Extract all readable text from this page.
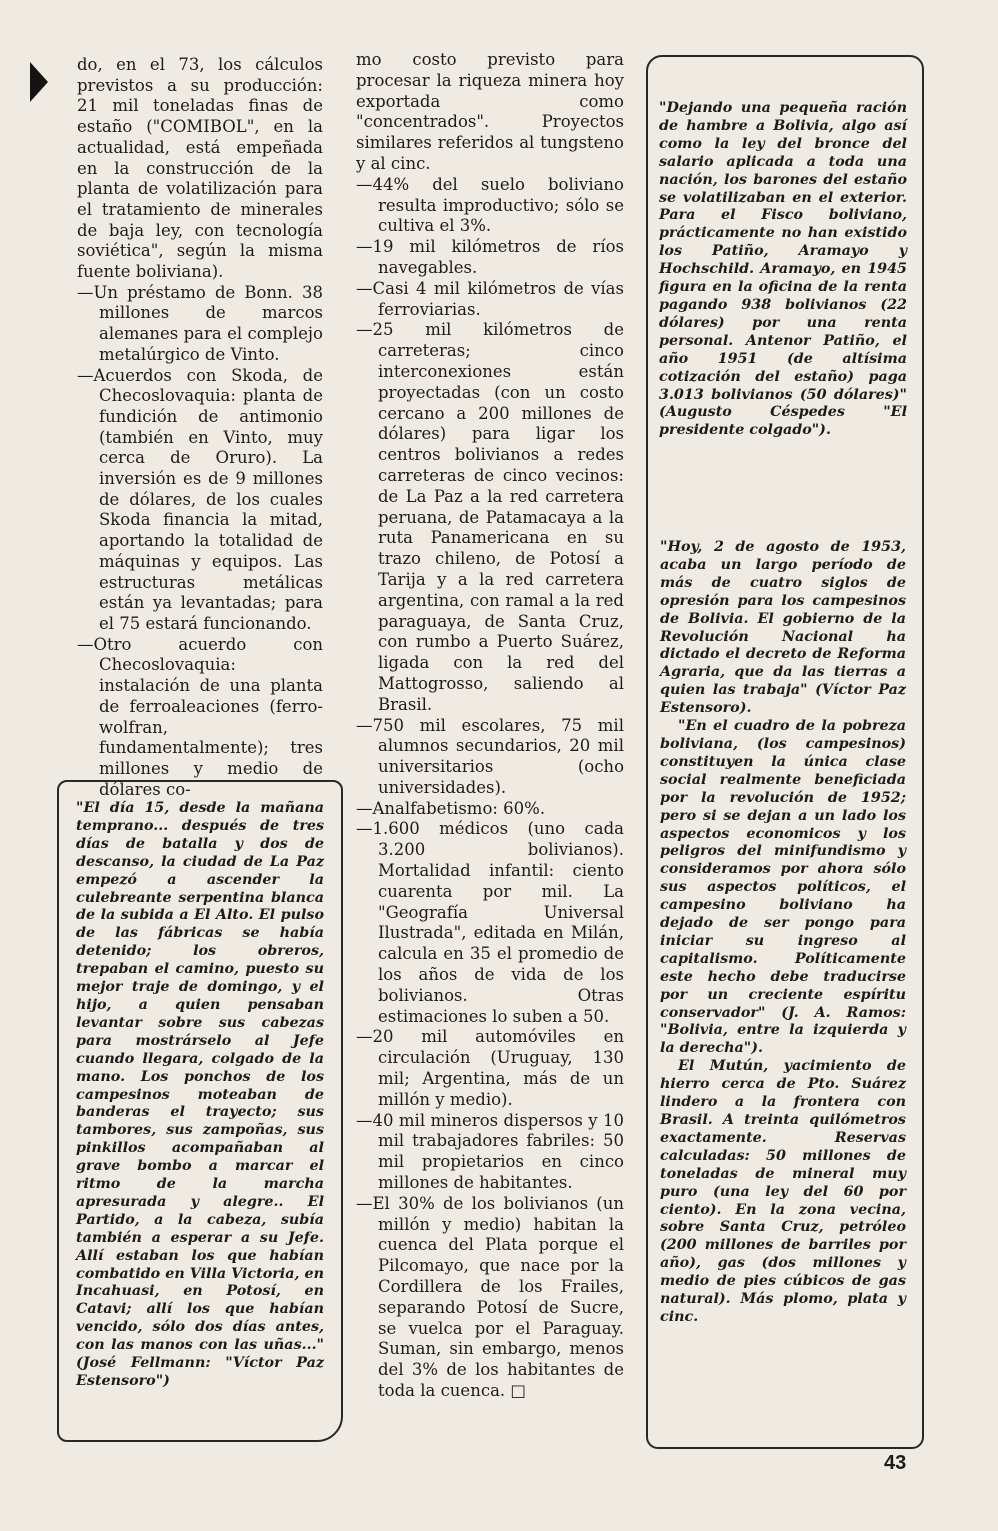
do, en el 73, los cálculos previstos a su producción: 21 mil toneladas finas de estaño ("COMIBOL", en la actualidad, está empeñada en la construcción de la planta de volatilización para el tratamiento de minerales de baja ley, con tecnología soviética", según la misma fuente boliviana).

—Un préstamo de Bonn. 38 millones de marcos alemanes para el complejo metalúrgico de Vinto.

—Acuerdos con Skoda, de Checoslovaquia: planta de fundición de antimonio (también en Vinto, muy cerca de Oruro). La inversión es de 9 millones de dólares, de los cuales Skoda financia la mitad, aportando la totalidad de máquinas y equipos. Las estructuras metálicas están ya levantadas; para el 75 estará funcionando.

—Otro acuerdo con Checoslovaquia: instalación de una planta de ferroaleaciones (ferro-wolfran, fundamentalmente); tres millones y medio de dólares co-

"El día 15, desde la mañana temprano... después de tres días de batalla y dos de descanso, la ciudad de La Paz empezó a ascender la culebreante serpentina blanca de la subida a El Alto. El pulso de las fábricas se había detenido; los obreros, trepaban el camino, puesto su mejor traje de domingo, y el hijo, a quien pensaban levantar sobre sus cabezas para mostrárselo al Jefe cuando llegara, colgado de la mano. Los ponchos de los campesinos moteaban de banderas el trayecto; sus tambores, sus zampoñas, sus pinkillos acompañaban al grave bombo a marcar el ritmo de la marcha apresurada y alegre.. El Partido, a la cabeza, subía también a esperar a su Jefe. Allí estaban los que habían combatido en Villa Victoria, en Incahuasi, en Potosí, en Catavi; allí los que habían vencido, sólo dos días antes, con las manos con las uñas..." (José Fellmann: "Víctor Paz Estensoro")

mo costo previsto para procesar la riqueza minera hoy exportada como "concentrados". Proyectos similares referidos al tungsteno y al cinc.

—44% del suelo boliviano resulta improductivo; sólo se cultiva el 3%.

—19 mil kilómetros de ríos navegables.

—Casi 4 mil kilómetros de vías ferroviarias.

—25 mil kilómetros de carreteras; cinco interconexiones están proyectadas (con un costo cercano a 200 millones de dólares) para ligar los centros bolivianos a redes carreteras de cinco vecinos: de La Paz a la red carretera peruana, de Patamacaya a la ruta Panamericana en su trazo chileno, de Potosí a Tarija y a la red carretera argentina, con ramal a la red paraguaya, de Santa Cruz, con rumbo a Puerto Suárez, ligada con la red del Mattogrosso, saliendo al Brasil.

—750 mil escolares, 75 mil alumnos secundarios, 20 mil universitarios (ocho universidades).

—Analfabetismo: 60%.

—1.600 médicos (uno cada 3.200 bolivianos). Mortalidad infantil: ciento cuarenta por mil. La "Geografía Universal Ilustrada", editada en Milán, calcula en 35 el promedio de los años de vida de los bolivianos. Otras estimaciones lo suben a 50.

—20 mil automóviles en circulación (Uruguay, 130 mil; Argentina, más de un millón y medio).

—40 mil mineros dispersos y 10 mil trabajadores fabriles: 50 mil propietarios en cinco millones de habitantes.

—El 30% de los bolivianos (un millón y medio) habitan la cuenca del Plata porque el Pilcomayo, que nace por la Cordillera de los Frailes, separando Potosí de Sucre, se vuelca por el Paraguay. Suman, sin embargo, menos del 3% de los habitantes de toda la cuenca. □

"Dejando una pequeña ración de hambre a Bolivia, algo así como la ley del bronce del salario aplicada a toda una nación, los barones del estaño se volatilizaban en el exterior. Para el Fisco boliviano, prácticamente no han existido los Patiño, Aramayo y Hochschild. Aramayo, en 1945 figura en la oficina de la renta pagando 938 bolivianos (22 dólares) por una renta personal. Antenor Patiño, el año 1951 (de altísima cotización del estaño) paga 3.013 bolivianos (50 dólares)" (Augusto Céspedes "El presidente colgado").

"Hoy, 2 de agosto de 1953, acaba un largo período de más de cuatro siglos de opresión para los campesinos de Bolivia. El gobierno de la Revolución Nacional ha dictado el decreto de Reforma Agraria, que da las tierras a quien las trabaja" (Víctor Paz Estensoro).

"En el cuadro de la pobreza boliviana, (los campesinos) constituyen la única clase social realmente beneficiada por la revolución de 1952; pero si se dejan a un lado los aspectos economicos y los peligros del minifundismo y consideramos por ahora sólo sus aspectos políticos, el campesino boliviano ha dejado de ser pongo para iniciar su ingreso al capitalismo. Políticamente este hecho debe traducirse por un creciente espíritu conservador" (J. A. Ramos: "Bolivia, entre la izquierda y la derecha").

El Mutún, yacimiento de hierro cerca de Pto. Suárez lindero a la frontera con Brasil. A treinta quilómetros exactamente. Reservas calculadas: 50 millones de toneladas de mineral muy puro (una ley del 60 por ciento). En la zona vecina, sobre Santa Cruz, petróleo (200 millones de barriles por año), gas (dos millones y medio de pies cúbicos de gas natural). Más plomo, plata y cinc.

43
